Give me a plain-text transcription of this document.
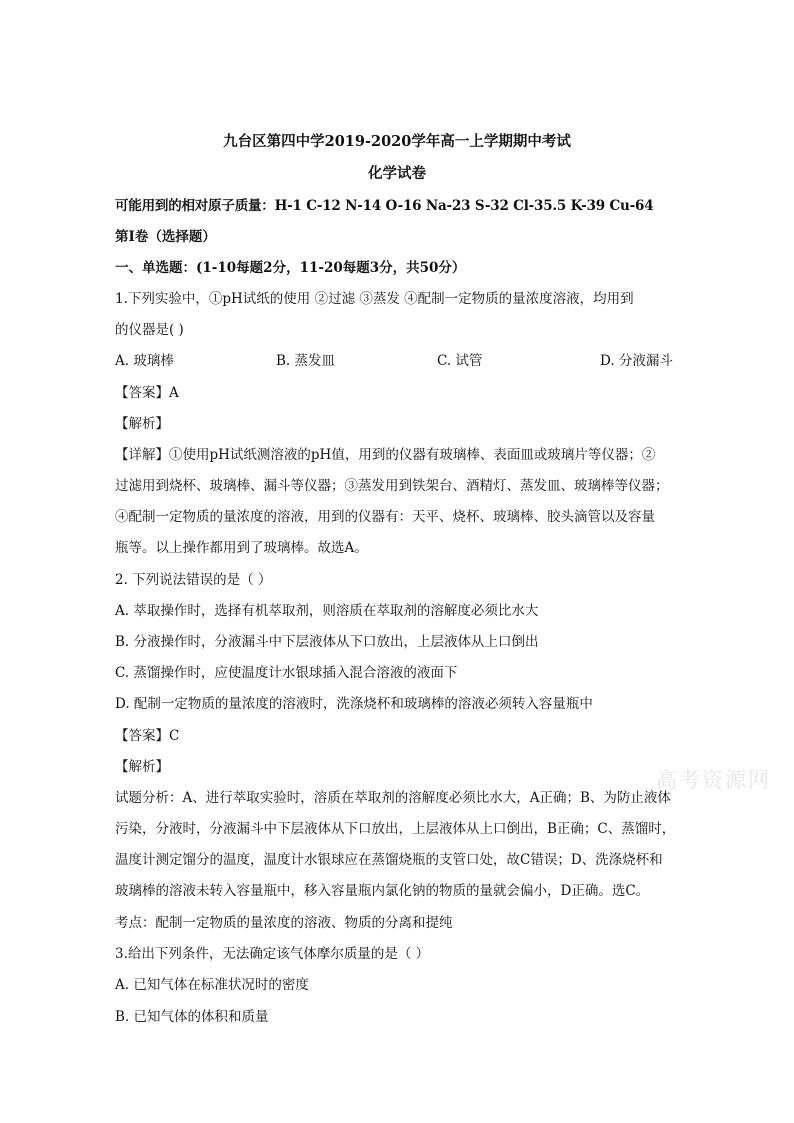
九台区第四中学2019-2020学年高一上学期期中考试
化学试卷
可能用到的相对原子质量：H-1 C-12 N-14 O-16 Na-23 S-32 Cl-35.5 K-39 Cu-64
第Ⅰ卷（选择题）
一、单选题：(1-10每题2分，11-20每题3分，共50分）
1.下列实验中，①pH试纸的使用 ②过滤 ③蒸发 ④配制一定物质的量浓度溶液，均用到
的仪器是( )
A. 玻璃棒	B. 蒸发皿	C. 试管	D. 分液漏斗
【答案】A
【解析】
【详解】①使用pH试纸测溶液的pH值，用到的仪器有玻璃棒、表面皿或玻璃片等仪器；②
过滤用到烧杯、玻璃棒、漏斗等仪器；③蒸发用到铁架台、酒精灯、蒸发皿、玻璃棒等仪器；
④配制一定物质的量浓度的溶液，用到的仪器有：天平、烧杯、玻璃棒、胶头滴管以及容量
瓶等。以上操作都用到了玻璃棒。故选A。
2. 下列说法错误的是（ ）
A. 萃取操作时，选择有机萃取剂，则溶质在萃取剂的溶解度必须比水大
B. 分液操作时，分液漏斗中下层液体从下口放出，上层液体从上口倒出
C. 蒸馏操作时，应使温度计水银球插入混合溶液的液面下
D. 配制一定物质的量浓度的溶液时，洗涤烧杯和玻璃棒的溶液必须转入容量瓶中
【答案】C
【解析】
试题分析：A、进行萃取实验时，溶质在萃取剂的溶解度必须比水大，A正确；B、为防止液体
污染，分液时，分液漏斗中下层液体从下口放出，上层液体从上口倒出，B正确；C、蒸馏时，
温度计测定馏分的温度，温度计水银球应在蒸馏烧瓶的支管口处，故C错误；D、洗涤烧杯和
玻璃棒的溶液未转入容量瓶中，移入容量瓶内氯化钠的物质的量就会偏小，D正确。选C。
考点：配制一定物质的量浓度的溶液、物质的分离和提纯
3.给出下列条件，无法确定该气体摩尔质量的是（ ）
A. 已知气体在标准状况时的密度
B. 已知气体的体积和质量
高考资源网
